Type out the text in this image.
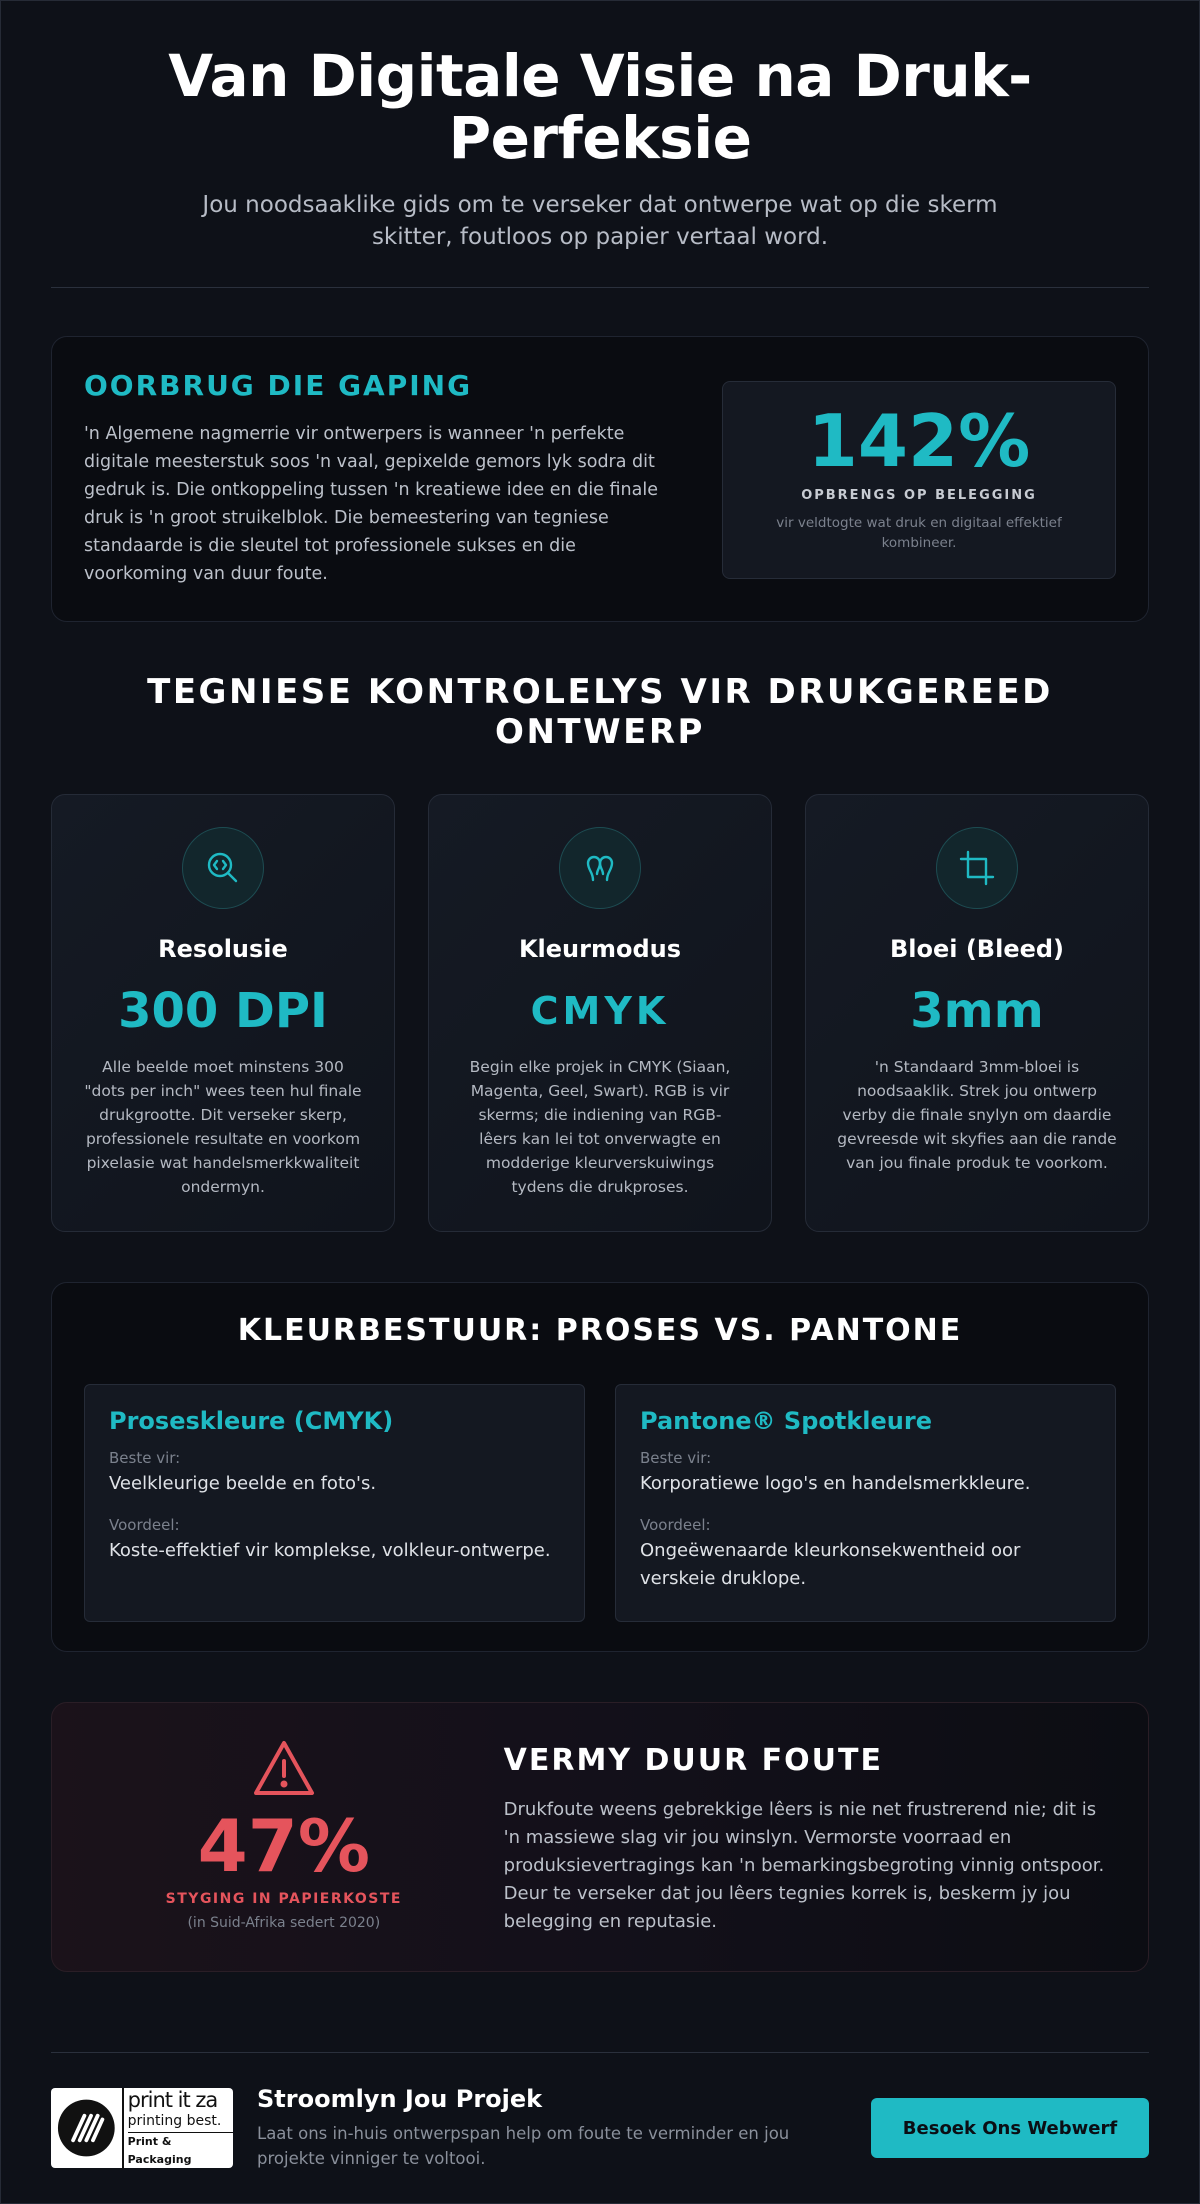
Van Digitale Visie na Druk-Perfeksie

Jou noodsaaklike gids om te verseker dat ontwerpe wat op die skerm skitter, foutloos op papier vertaal word.

OORBRUG DIE GAPING

'n Algemene nagmerrie vir ontwerpers is wanneer 'n perfekte digitale meesterstuk soos 'n vaal, gepixelde gemors lyk sodra dit gedruk is. Die ontkoppeling tussen 'n kreatiewe idee en die finale druk is 'n groot struikelblok. Die bemeestering van tegniese standaarde is die sleutel tot professionele sukses en die voorkoming van duur foute.

142%
OPBRENGS OP BELEGGING
vir veldtogte wat druk en digitaal effektief kombineer.
TEGNIESE KONTROLELYS VIR DRUKGEREED ONTWERP
Resolusie
300 DPI

Alle beelde moet minstens 300 "dots per inch" wees teen hul finale drukgrootte. Dit verseker skerp, professionele resultate en voorkom pixelasie wat handelsmerkkwaliteit ondermyn.

Kleurmodus
CMYK

Begin elke projek in CMYK (Siaan, Magenta, Geel, Swart). RGB is vir skerms; die indiening van RGB-lêers kan lei tot onverwagte en modderige kleurverskuiwings tydens die drukproses.

Bloei (Bleed)
3mm

'n Standaard 3mm-bloei is noodsaaklik. Strek jou ontwerp verby die finale snylyn om daardie gevreesde wit skyfies aan die rande van jou finale produk te voorkom.

KLEURBESTUUR: PROSES VS. PANTONE
Proseskleure (CMYK)
Beste vir:
Veelkleurige beelde en foto's.
Voordeel:
Koste-effektief vir komplekse, volkleur-ontwerpe.
Pantone® Spotkleure
Beste vir:
Korporatiewe logo's en handelsmerkkleure.
Voordeel:
Ongeëwenaarde kleurkonsekwentheid oor verskeie druklope.
47%
STYGING IN PAPIERKOSTE
(in Suid-Afrika sedert 2020)
VERMY DUUR FOUTE

Drukfoute weens gebrekkige lêers is nie net frustrerend nie; dit is 'n massiewe slag vir jou winslyn. Vermorste voorraad en produksievertragings kan 'n bemarkingsbegroting vinnig ontspoor. Deur te verseker dat jou lêers tegnies korrek is, beskerm jy jou belegging en reputasie.

print it za
printing best.
Print & Packaging
Stroomlyn Jou Projek

Laat ons in-huis ontwerpspan help om foute te verminder en jou projekte vinniger te voltooi.

Besoek Ons Webwerf
